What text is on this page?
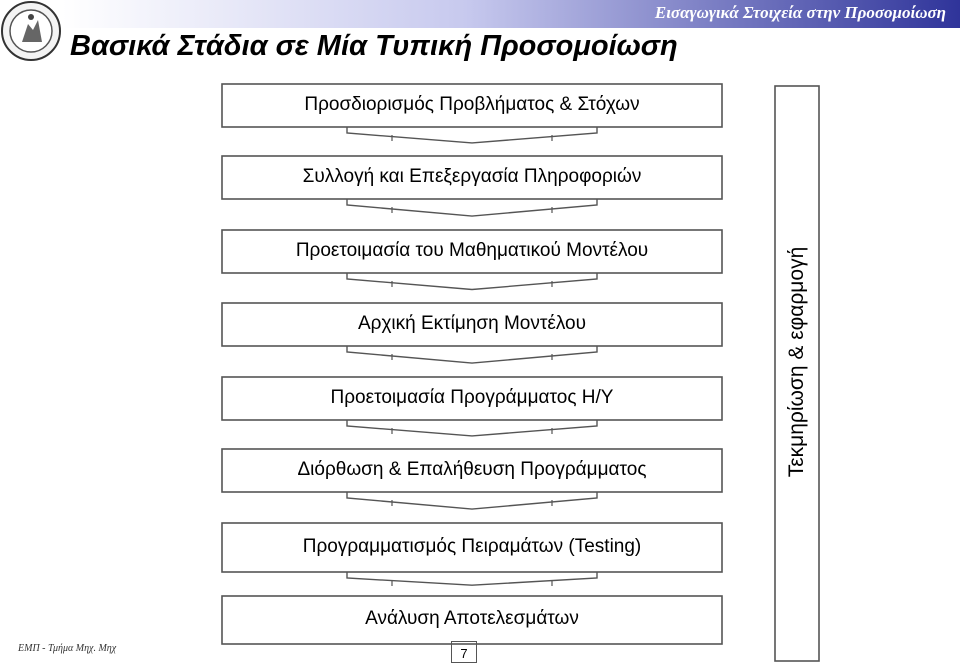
Εισαγωγικά Στοιχεία στην Προσομοίωση
Βασικά Στάδια σε Μία Τυπική Προσομοίωση
Προσδιορισμός Προβλήματος & Στόχων
Συλλογή και Επεξεργασία Πληροφοριών
Προετοιμασία του Μαθηματικού Μοντέλου
Αρχική Εκτίμηση Μοντέλου
Προετοιμασία Προγράμματος Η/Υ
Διόρθωση & Επαλήθευση Προγράμματος
Προγραμματισμός Πειραμάτων (Testing)
Ανάλυση Αποτελεσμάτων
Τεκμηρίωση & εφαρμογή
ΕΜΠ - Τμήμα Μηχ. Μηχ	7
